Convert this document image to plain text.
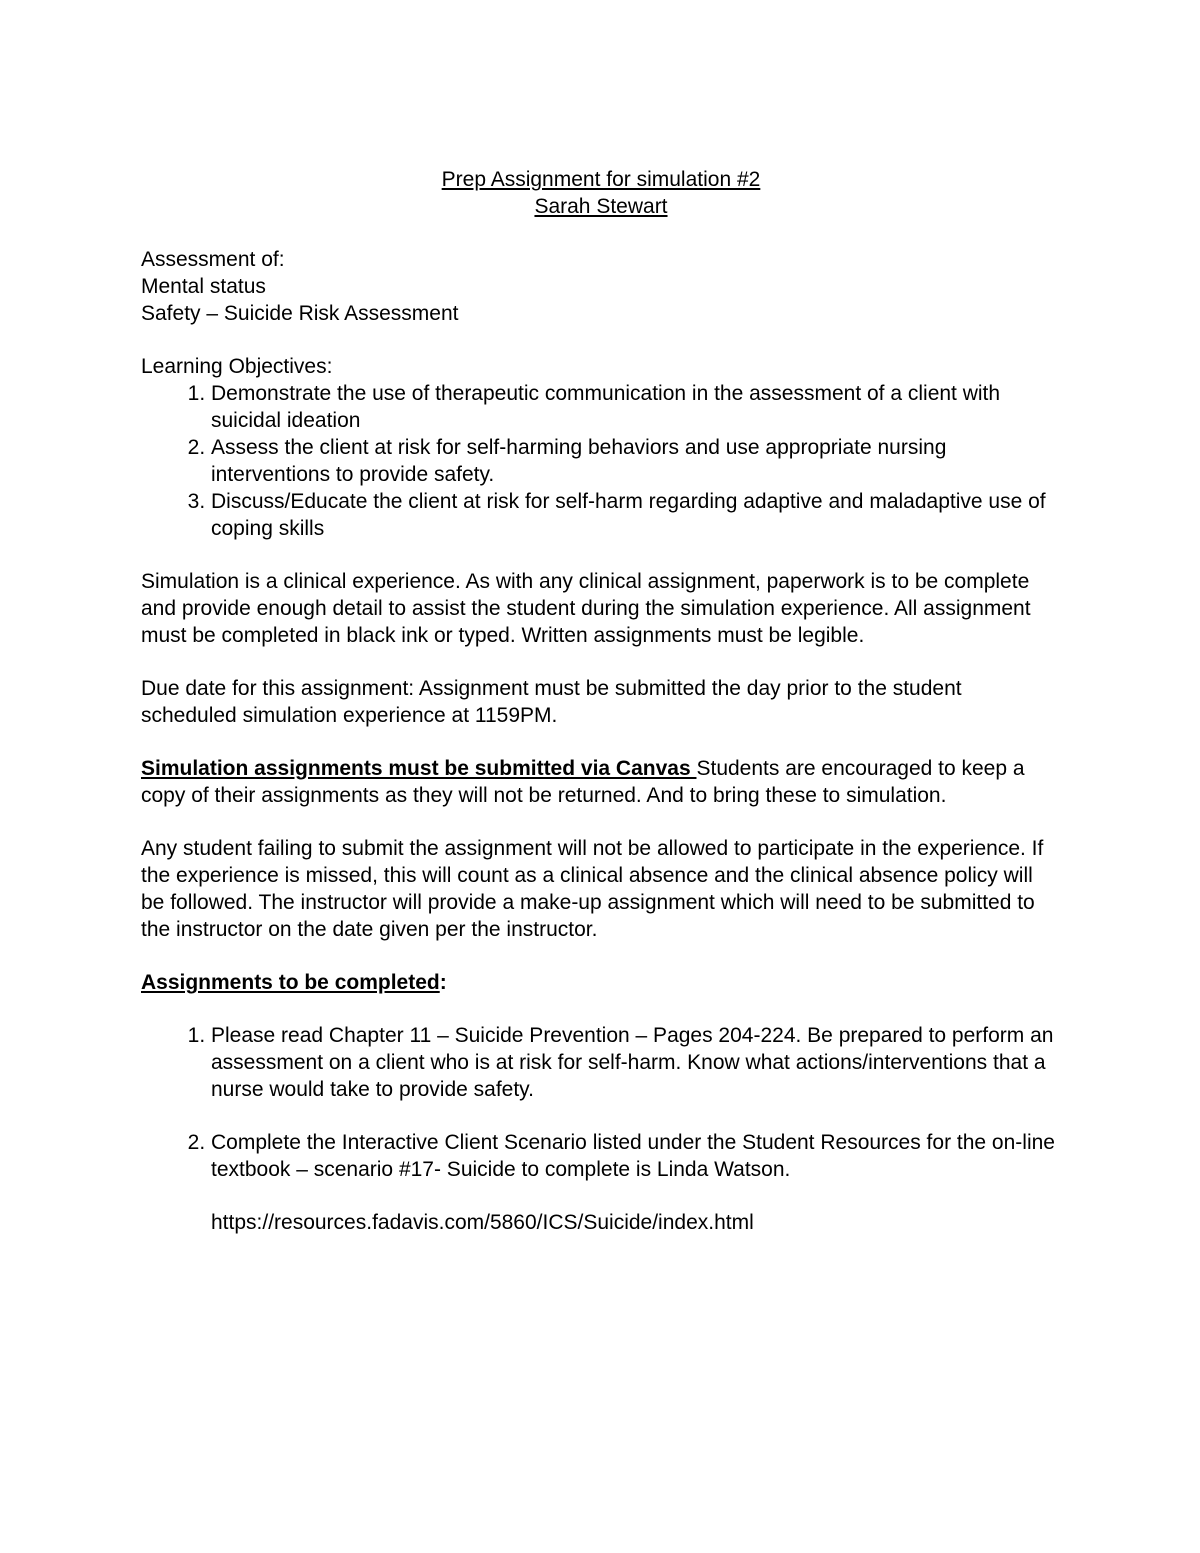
Prep Assignment for simulation #2

Sarah Stewart

Assessment of:

Mental status

Safety – Suicide Risk Assessment

Learning Objectives:

1. Demonstrate the use of therapeutic communication in the assessment of a client with suicidal ideation
2. Assess the client at risk for self-harming behaviors and use appropriate nursing interventions to provide safety.
3. Discuss/Educate the client at risk for self-harm regarding adaptive and maladaptive use of coping skills

Simulation is a clinical experience. As with any clinical assignment, paperwork is to be complete and provide enough detail to assist the student during the simulation experience. All assignment must be completed in black ink or typed. Written assignments must be legible.

Due date for this assignment: Assignment must be submitted the day prior to the student scheduled simulation experience at 1159PM.

Simulation assignments must be submitted via Canvas Students are encouraged to keep a copy of their assignments as they will not be returned. And to bring these to simulation.

Any student failing to submit the assignment will not be allowed to participate in the experience. If the experience is missed, this will count as a clinical absence and the clinical absence policy will be followed. The instructor will provide a make-up assignment which will need to be submitted to the instructor on the date given per the instructor.

Assignments to be completed:

1. Please read Chapter 11 – Suicide Prevention – Pages 204-224. Be prepared to perform an assessment on a client who is at risk for self-harm. Know what actions/interventions that a nurse would take to provide safety.
2. Complete the Interactive Client Scenario listed under the Student Resources for the on-line textbook – scenario #17- Suicide to complete is Linda Watson.
https://resources.fadavis.com/5860/ICS/Suicide/index.html
